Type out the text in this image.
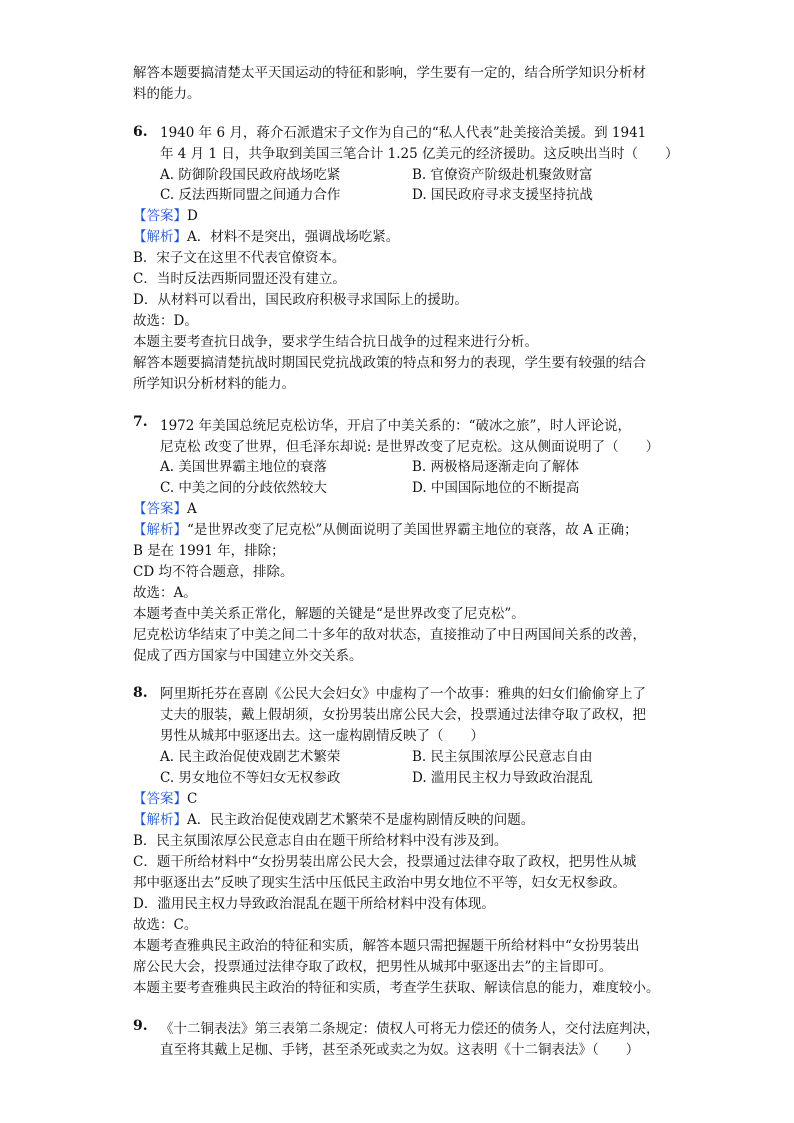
解答本题要搞清楚太平天国运动的特征和影响，学生要有一定的，结合所学知识分析材
料的能力。
6. 1940 年 6 月，蒋介石派遣宋子文作为自己的“私人代表”赴美接洽美援。到 1941
年 4 月 1 日，共争取到美国三笔合计 1.25 亿美元的经济援助。这反映出当时（　　）
A. 防御阶段国民政府战场吃紧	B. 官僚资产阶级赴机聚敛财富
C. 反法西斯同盟之间通力合作	D. 国民政府寻求支援坚持抗战
【答案】D
【解析】A．材料不是突出，强调战场吃紧。
B．宋子文在这里不代表官僚资本。
C．当时反法西斯同盟还没有建立。
D．从材料可以看出，国民政府积极寻求国际上的援助。
故选：D。
本题主要考查抗日战争，要求学生结合抗日战争的过程来进行分析。
解答本题要搞清楚抗战时期国民党抗战政策的特点和努力的表现，学生要有较强的结合
所学知识分析材料的能力。
7. 1972 年美国总统尼克松访华，开启了中美关系的：“破冰之旅”，时人评论说，
尼克松 改变了世界，但毛泽东却说: 是世界改变了尼克松。这从侧面说明了（　　）
A. 美国世界霸主地位的衰落	B. 两极格局逐渐走向了解体
C. 中美之间的分歧依然较大	D. 中国国际地位的不断提高
【答案】A
【解析】“是世界改变了尼克松”从侧面说明了美国世界霸主地位的衰落，故 A 正确；
B 是在 1991 年，排除；
CD 均不符合题意，排除。
故选：A。
本题考查中美关系正常化，解题的关键是“是世界改变了尼克松”。
尼克松访华结束了中美之间二十多年的敌对状态，直接推动了中日两国间关系的改善，
促成了西方国家与中国建立外交关系。
8. 阿里斯托芬在喜剧《公民大会妇女》中虚构了一个故事：雅典的妇女们偷偷穿上了
丈夫的服装，戴上假胡须，女扮男装出席公民大会，投票通过法律夺取了政权，把
男性从城邦中驱逐出去。这一虚构剧情反映了（　　）
A. 民主政治促使戏剧艺术繁荣	B. 民主氛围浓厚公民意志自由
C. 男女地位不等妇女无权参政	D. 滥用民主权力导致政治混乱
【答案】C
【解析】A．民主政治促使戏剧艺术繁荣不是虚构剧情反映的问题。
B．民主氛围浓厚公民意志自由在题干所给材料中没有涉及到。
C．题干所给材料中“女扮男装出席公民大会，投票通过法律夺取了政权，把男性从城
邦中驱逐出去”反映了现实生活中压低民主政治中男女地位不平等，妇女无权参政。
D．滥用民主权力导致政治混乱在题干所给材料中没有体现。
故选：C。
本题考查雅典民主政治的特征和实质，解答本题只需把握题干所给材料中“女扮男装出
席公民大会，投票通过法律夺取了政权，把男性从城邦中驱逐出去”的主旨即可。
本题主要考查雅典民主政治的特征和实质，考查学生获取、解读信息的能力，难度较小。
9. 《十二铜表法》第三表第二条规定：债权人可将无力偿还的债务人，交付法庭判决，
直至将其戴上足枷、手铐，甚至杀死或卖之为奴。这表明《十二铜表法》（　　）
